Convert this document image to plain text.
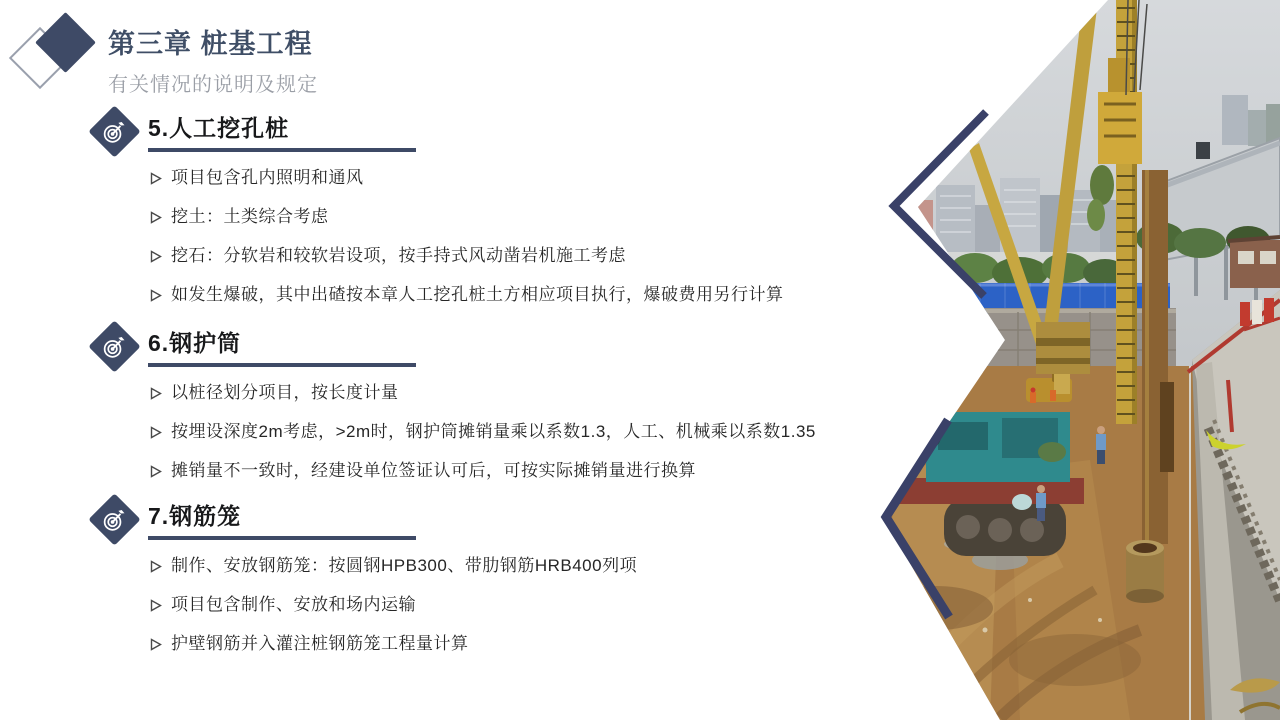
第三章 桩基工程

有关情况的说明及规定

5.人工挖孔桩
项目包含孔内照明和通风
挖土：土类综合考虑
挖石：分软岩和较软岩设项，按手持式风动凿岩机施工考虑
如发生爆破，其中出碴按本章人工挖孔桩土方相应项目执行，爆破费用另行计算
6.钢护筒
以桩径划分项目，按长度计量
按埋设深度2m考虑，>2m时，钢护筒摊销量乘以系数1.3，人工、机械乘以系数1.35
摊销量不一致时，经建设单位签证认可后，可按实际摊销量进行换算
7.钢筋笼
制作、安放钢筋笼：按圆钢HPB300、带肋钢筋HRB400列项
项目包含制作、安放和场内运输
护壁钢筋并入灌注桩钢筋笼工程量计算
